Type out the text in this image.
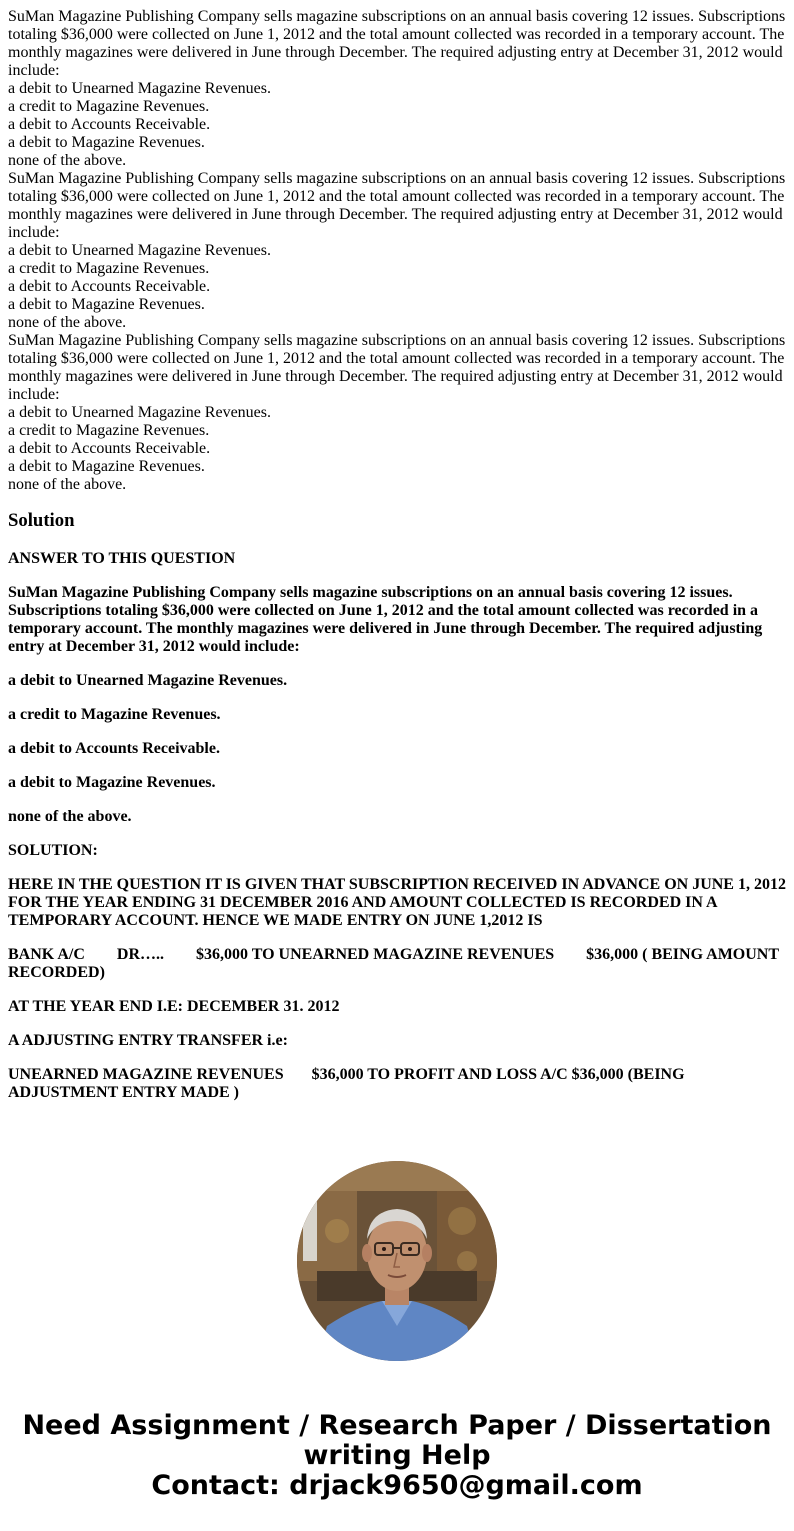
SuMan Magazine Publishing Company sells magazine subscriptions on an annual basis covering 12 issues. Subscriptions totaling $36,000 were collected on June 1, 2012 and the total amount collected was recorded in a temporary account. The monthly magazines were delivered in June through December. The required adjusting entry at December 31, 2012 would include:
a debit to Unearned Magazine Revenues.
a credit to Magazine Revenues.
a debit to Accounts Receivable.
a debit to Magazine Revenues.
none of the above.
SuMan Magazine Publishing Company sells magazine subscriptions on an annual basis covering 12 issues. Subscriptions totaling $36,000 were collected on June 1, 2012 and the total amount collected was recorded in a temporary account. The monthly magazines were delivered in June through December. The required adjusting entry at December 31, 2012 would include:
a debit to Unearned Magazine Revenues.
a credit to Magazine Revenues.
a debit to Accounts Receivable.
a debit to Magazine Revenues.
none of the above.
SuMan Magazine Publishing Company sells magazine subscriptions on an annual basis covering 12 issues. Subscriptions totaling $36,000 were collected on June 1, 2012 and the total amount collected was recorded in a temporary account. The monthly magazines were delivered in June through December. The required adjusting entry at December 31, 2012 would include:
a debit to Unearned Magazine Revenues.
a credit to Magazine Revenues.
a debit to Accounts Receivable.
a debit to Magazine Revenues.
none of the above.
Solution

ANSWER TO THIS QUESTION

SuMan Magazine Publishing Company sells magazine subscriptions on an annual basis covering 12 issues. Subscriptions totaling $36,000 were collected on June 1, 2012 and the total amount collected was recorded in a temporary account. The monthly magazines were delivered in June through December. The required adjusting entry at December 31, 2012 would include:

a debit to Unearned Magazine Revenues.

a credit to Magazine Revenues.

a debit to Accounts Receivable.

a debit to Magazine Revenues.

none of the above.

SOLUTION:

HERE IN THE QUESTION IT IS GIVEN THAT SUBSCRIPTION RECEIVED IN ADVANCE ON JUNE 1, 2012 FOR THE YEAR ENDING 31 DECEMBER 2016 AND AMOUNT COLLECTED IS RECORDED IN A TEMPORARY ACCOUNT. HENCE WE MADE ENTRY ON JUNE 1,2012 IS

BANK A/C        DR…..        $36,000 TO UNEARNED MAGAZINE REVENUES        $36,000 ( BEING AMOUNT RECORDED)

AT THE YEAR END I.E: DECEMBER 31. 2012

A ADJUSTING ENTRY TRANSFER i.e:

UNEARNED MAGAZINE REVENUES       $36,000 TO PROFIT AND LOSS A/C $36,000 (BEING ADJUSTMENT ENTRY MADE )

Need Assignment / Research Paper / Dissertation
writing Help
Contact: drjack9650@gmail.com
